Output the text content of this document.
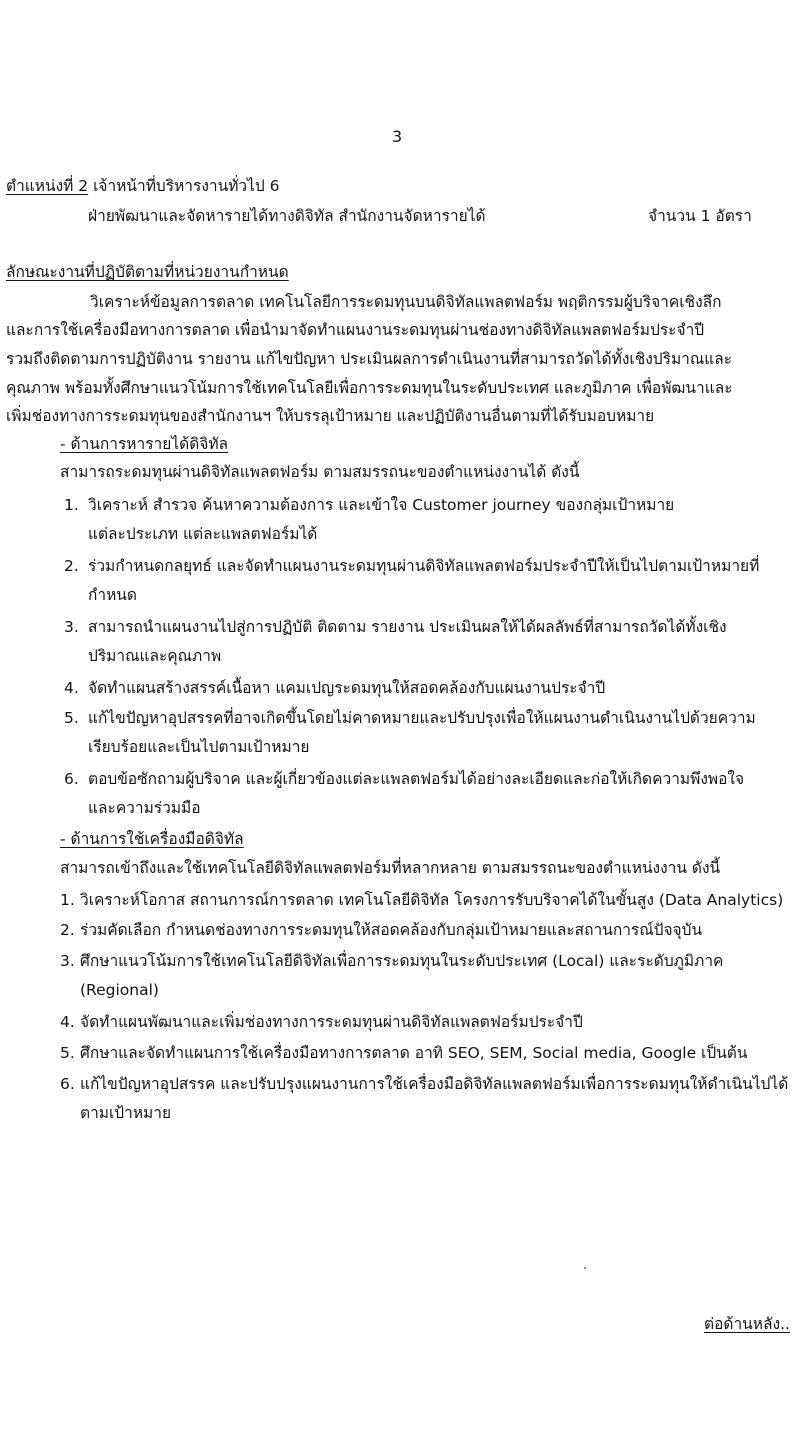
3
ตำแหน่งที่ 2 เจ้าหน้าที่บริหารงานทั่วไป 6
ฝ่ายพัฒนาและจัดหารายได้ทางดิจิทัล สำนักงานจัดหารายได้	จำนวน 1 อัตรา
ลักษณะงานที่ปฏิบัติตามที่หน่วยงานกำหนด
วิเคราะห์ข้อมูลการตลาด เทคโนโลยีการระดมทุนบนดิจิทัลแพลตฟอร์ม พฤติกรรมผู้บริจาคเชิงลึก
และการใช้เครื่องมือทางการตลาด เพื่อนำมาจัดทำแผนงานระดมทุนผ่านช่องทางดิจิทัลแพลตฟอร์มประจำปี
รวมถึงติดตามการปฏิบัติงาน รายงาน แก้ไขปัญหา ประเมินผลการดำเนินงานที่สามารถวัดได้ทั้งเชิงปริมาณและ
คุณภาพ พร้อมทั้งศึกษาแนวโน้มการใช้เทคโนโลยีเพื่อการระดมทุนในระดับประเทศ และภูมิภาค เพื่อพัฒนาและ
เพิ่มช่องทางการระดมทุนของสำนักงานฯ ให้บรรลุเป้าหมาย และปฏิบัติงานอื่นตามที่ได้รับมอบหมาย
- ด้านการหารายได้ดิจิทัล
สามารถระดมทุนผ่านดิจิทัลแพลตฟอร์ม ตามสมรรถนะของตำแหน่งงานได้ ดังนี้
1. วิเคราะห์ สำรวจ ค้นหาความต้องการ และเข้าใจ Customer journey ของกลุ่มเป้าหมาย
แต่ละประเภท แต่ละแพลตฟอร์มได้
2. ร่วมกำหนดกลยุทธ์ และจัดทำแผนงานระดมทุนผ่านดิจิทัลแพลตฟอร์มประจำปีให้เป็นไปตามเป้าหมายที่
กำหนด
3. สามารถนำแผนงานไปสู่การปฏิบัติ ติดตาม รายงาน ประเมินผลให้ได้ผลลัพธ์ที่สามารถวัดได้ทั้งเชิง
ปริมาณและคุณภาพ
4. จัดทำแผนสร้างสรรค์เนื้อหา แคมเปญระดมทุนให้สอดคล้องกับแผนงานประจำปี
5. แก้ไขปัญหาอุปสรรคที่อาจเกิดขึ้นโดยไม่คาดหมายและปรับปรุงเพื่อให้แผนงานดำเนินงานไปด้วยความ
เรียบร้อยและเป็นไปตามเป้าหมาย
6. ตอบข้อซักถามผู้บริจาค และผู้เกี่ยวข้องแต่ละแพลตฟอร์มได้อย่างละเอียดและก่อให้เกิดความพึงพอใจ
และความร่วมมือ
- ด้านการใช้เครื่องมือดิจิทัล
สามารถเข้าถึงและใช้เทคโนโลยีดิจิทัลแพลตฟอร์มที่หลากหลาย ตามสมรรถนะของตำแหน่งงาน ดังนี้
1. วิเคราะห์โอกาส สถานการณ์การตลาด เทคโนโลยีดิจิทัล โครงการรับบริจาคได้ในขั้นสูง (Data Analytics)
2. ร่วมคัดเลือก กำหนดช่องทางการระดมทุนให้สอดคล้องกับกลุ่มเป้าหมายและสถานการณ์ปัจจุบัน
3. ศึกษาแนวโน้มการใช้เทคโนโลยีดิจิทัลเพื่อการระดมทุนในระดับประเทศ (Local) และระดับภูมิภาค
(Regional)
4. จัดทำแผนพัฒนาและเพิ่มช่องทางการระดมทุนผ่านดิจิทัลแพลตฟอร์มประจำปี
5. ศึกษาและจัดทำแผนการใช้เครื่องมือทางการตลาด อาทิ SEO, SEM, Social media, Google เป็นต้น
6. แก้ไขปัญหาอุปสรรค และปรับปรุงแผนงานการใช้เครื่องมือดิจิทัลแพลตฟอร์มเพื่อการระดมทุนให้ดำเนินไปได้
ตามเป้าหมาย
ต่อด้านหลัง..
